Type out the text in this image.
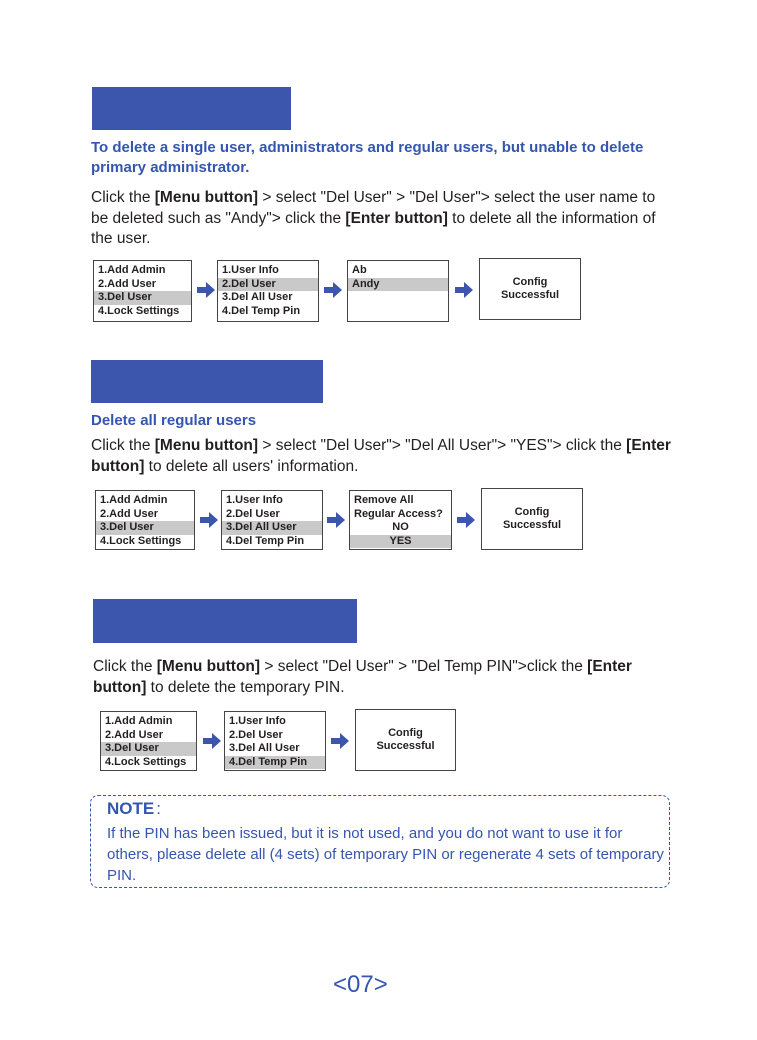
To delete a single user, administrators and regular users, but unable to delete primary administrator.

Click the [Menu button] > select "Del User" > "Del User"> select the user name to be deleted such as "Andy"> click the [Enter button] to delete all the information of the user.

1.Add Admin
2.Add User
3.Del User
4.Lock Settings
1.User Info
2.Del User
3.Del All User
4.Del Temp Pin
Ab
Andy	Config
Successful

Delete all regular users

Click the [Menu button] > select "Del User"> "Del All User"> "YES"> click the [Enter button] to delete all users' information.

1.Add Admin
2.Add User
3.Del User
4.Lock Settings
1.User Info
2.Del User
3.Del All User
4.Del Temp Pin
Remove All
Regular Access?
NO
YES
Config
Successful

Click the [Menu button] > select "Del User" > "Del Temp PIN">click the [Enter button] to delete the temporary PIN.

1.Add Admin
2.Add User
3.Del User
4.Lock Settings
1.User Info
2.Del User
3.Del All User
4.Del Temp Pin
Config
Successful

NOTE :

If the PIN has been issued, but it is not used, and you do not want to use it for others, please delete all (4 sets) of temporary PIN or regenerate 4 sets of temporary PIN.

<07>
